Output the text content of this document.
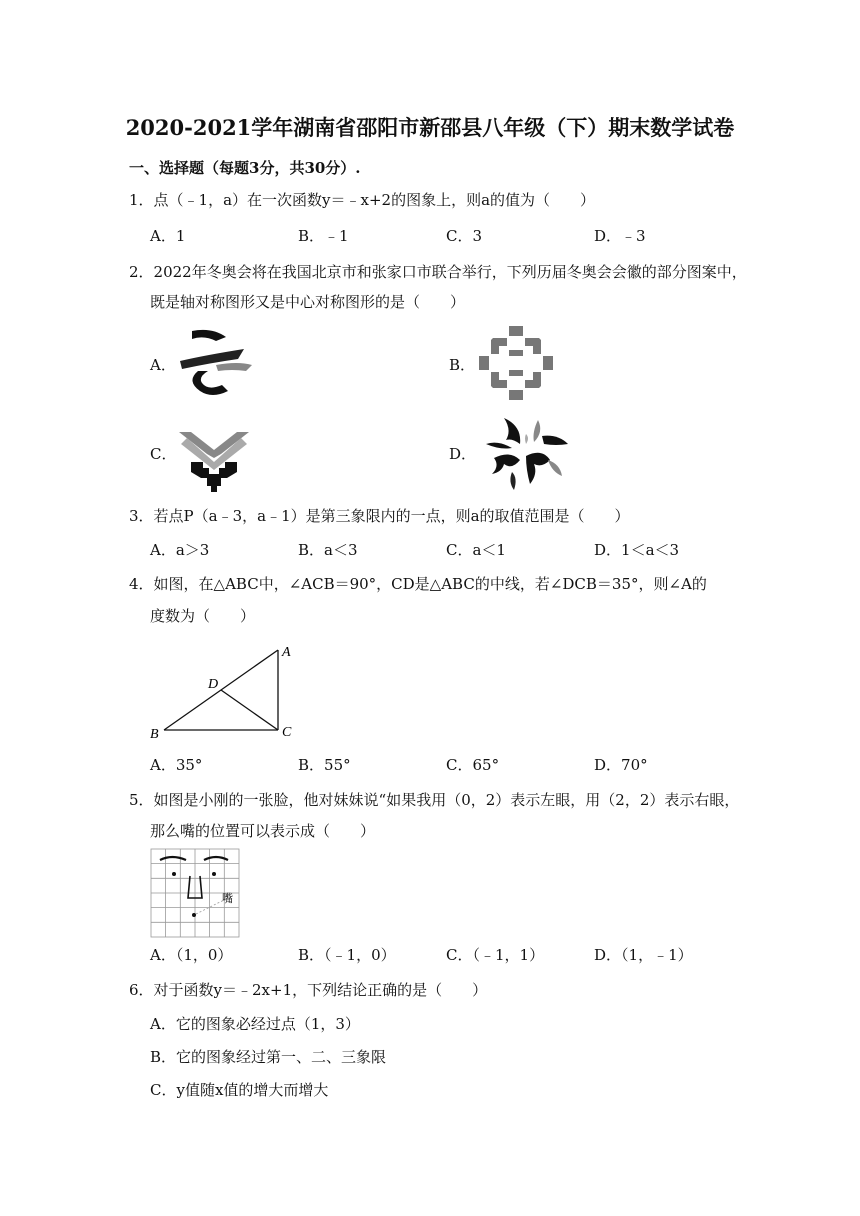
2020-2021学年湖南省邵阳市新邵县八年级（下）期末数学试卷
一、选择题（每题3分，共30分）.
1．点（﹣1，a）在一次函数y＝﹣x+2的图象上，则a的值为（　　）
A．1	B．﹣1	C．3	D．﹣3
2．2022年冬奥会将在我国北京市和张家口市联合举行，下列历届冬奥会会徽的部分图案中，
既是轴对称图形又是中心对称图形的是（　　）
A．	B．
C．	D．
3．若点P（a﹣3，a﹣1）是第三象限内的一点，则a的取值范围是（　　）
A．a＞3	B．a＜3	C．a＜1	D．1＜a＜3
4．如图，在△ABC中，∠ACB＝90°，CD是△ABC的中线，若∠DCB＝35°，则∠A的
度数为（　　）
A
B	C
D
A．35°	B．55°	C．65°	D．70°
5．如图是小刚的一张脸，他对妹妹说“如果我用（0，2）表示左眼，用（2，2）表示右眼，
那么嘴的位置可以表示成（　　）
嘴
A．（1，0）	B．（﹣1，0）	C．（﹣1，1）	D．（1，﹣1）
6．对于函数y＝﹣2x+1，下列结论正确的是（　　）
A．它的图象必经过点（1，3）
B．它的图象经过第一、二、三象限
C．y值随x值的增大而增大
